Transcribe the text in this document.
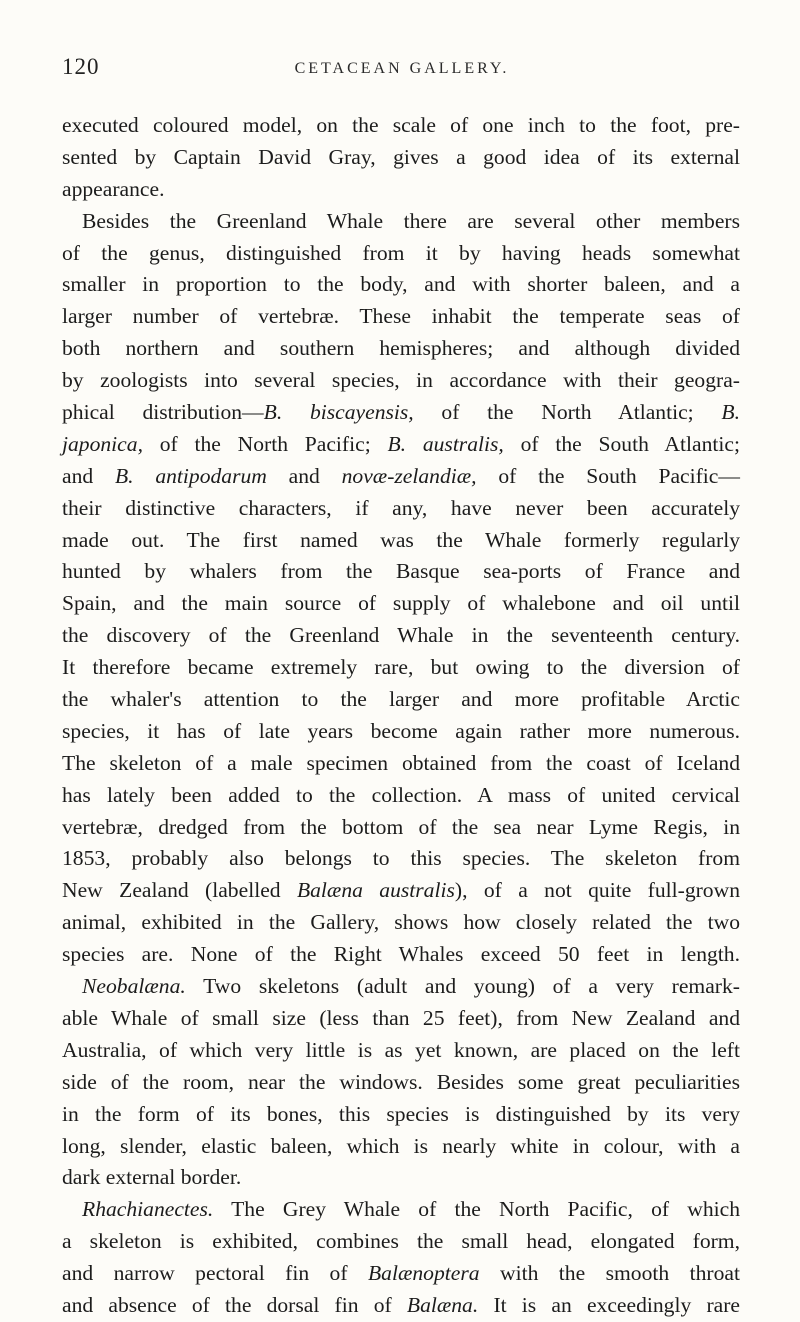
120	CETACEAN GALLERY.
executed coloured model, on the scale of one inch to the foot, pre-
sented by Captain David Gray, gives a good idea of its external
appearance.
Besides the Greenland Whale there are several other members
of the genus, distinguished from it by having heads somewhat
smaller in proportion to the body, and with shorter baleen, and a
larger number of vertebræ. These inhabit the temperate seas of
both northern and southern hemispheres; and although divided
by zoologists into several species, in accordance with their geogra-
phical distribution—B. biscayensis, of the North Atlantic; B.
japonica, of the North Pacific; B. australis, of the South Atlantic;
and B. antipodarum and novæ-zelandiæ, of the South Pacific—
their distinctive characters, if any, have never been accurately
made out. The first named was the Whale formerly regularly
hunted by whalers from the Basque sea-ports of France and
Spain, and the main source of supply of whalebone and oil until
the discovery of the Greenland Whale in the seventeenth century.
It therefore became extremely rare, but owing to the diversion of
the whaler's attention to the larger and more profitable Arctic
species, it has of late years become again rather more numerous.
The skeleton of a male specimen obtained from the coast of Iceland
has lately been added to the collection. A mass of united cervical
vertebræ, dredged from the bottom of the sea near Lyme Regis, in
1853, probably also belongs to this species. The skeleton from
New Zealand (labelled Balæna australis), of a not quite full-grown
animal, exhibited in the Gallery, shows how closely related the two
species are. None of the Right Whales exceed 50 feet in length.
Neobalæna. Two skeletons (adult and young) of a very remark-
able Whale of small size (less than 25 feet), from New Zealand and
Australia, of which very little is as yet known, are placed on the left
side of the room, near the windows. Besides some great peculiarities
in the form of its bones, this species is distinguished by its very
long, slender, elastic baleen, which is nearly white in colour, with a
dark external border.
Rhachianectes. The Grey Whale of the North Pacific, of which
a skeleton is exhibited, combines the small head, elongated form,
and narrow pectoral fin of Balænoptera with the smooth throat
and absence of the dorsal fin of Balæna. It is an exceedingly rare
